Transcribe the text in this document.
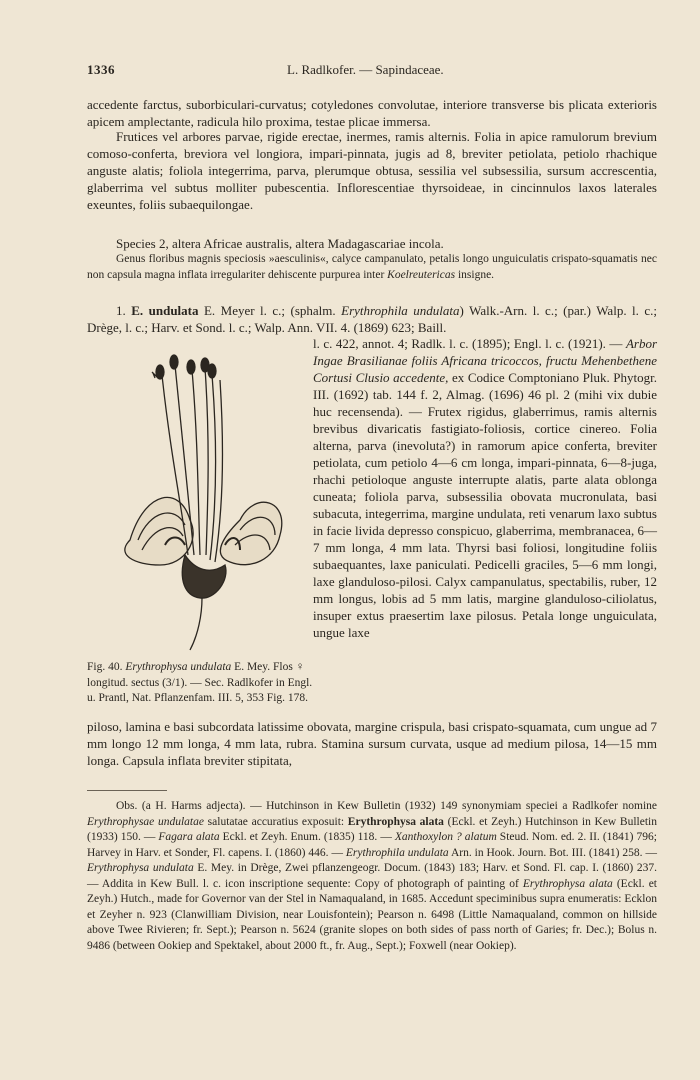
1336	L. Radlkofer. — Sapindaceae.

accedente farctus, suborbiculari-curvatus; cotyledones convolutae, interiore transverse bis plicata exterioris apicem amplectante, radicula hilo proxima, testae plicae immersa.

Frutices vel arbores parvae, rigide erectae, inermes, ramis alternis. Folia in apice ramulorum brevium comoso-conferta, breviora vel longiora, impari-pinnata, jugis ad 8, breviter petiolata, petiolo rhachique anguste alatis; foliola integerrima, parva, plerumque obtusa, sessilia vel subsessilia, sursum accrescentia, glaberrima vel subtus molliter pubescentia. Inflorescentiae thyrsoideae, in cincinnulos laxos laterales exeuntes, foliis subaequilongae.

Species 2, altera Africae australis, altera Madagascariae incola.

Genus floribus magnis speciosis »aesculinis«, calyce campanulato, petalis longo unguiculatis crispato-squamatis nec non capsula magna inflata irregulariter dehiscente purpurea inter Koelreutericas insigne.

1. E. undulata E. Meyer l. c.; (sphalm. Erythrophila undulata) Walk.-Arn. l. c.; (par.) Walp. l. c.; Drège, l. c.; Harv. et Sond. l. c.; Walp. Ann. VII. 4. (1869) 623; Baill.

l. c. 422, annot. 4; Radlk. l. c. (1895); Engl. l. c. (1921). — Arbor Ingae Brasilianae foliis Africana tricoccos, fructu Mehenbethene Cortusi Clusio accedente, ex Codice Comptoniano Pluk. Phytogr. III. (1692) tab. 144 f. 2, Almag. (1696) 46 pl. 2 (mihi vix dubie huc recensenda). — Frutex rigidus, glaberrimus, ramis alternis brevibus divaricatis fastigiato-foliosis, cortice cinereo. Folia alterna, parva (inevoluta?) in ramorum apice conferta, breviter petiolata, cum petiolo 4—6 cm longa, impari-pinnata, 6—8-juga, rhachi petioloque anguste interrupte alatis, parte alata oblonga cuneata; foliola parva, subsessilia obovata mucronulata, basi subacuta, integerrima, margine undulata, reti venarum laxo subtus in facie livida depresso conspicuo, glaberrima, membranacea, 6—7 mm longa, 4 mm lata. Thyrsi basi foliosi, longitudine foliis subaequantes, laxe paniculati. Pedicelli graciles, 5—6 mm longi, laxe glanduloso-pilosi. Calyx campanulatus, spectabilis, ruber, 12 mm longus, lobis ad 5 mm latis, margine glanduloso-ciliolatus, insuper extus praesertim laxe pilosus. Petala longe unguiculata, ungue laxe

Fig. 40. Erythrophysa undulata E. Mey. Flos ♀ longitud. sectus (3/1). — Sec. Radlkofer in Engl. u. Prantl, Nat. Pflanzenfam. III. 5, 353 Fig. 178.

piloso, lamina e basi subcordata latissime obovata, margine crispula, basi crispato-squamata, cum ungue ad 7 mm longo 12 mm longa, 4 mm lata, rubra. Stamina sursum curvata, usque ad medium pilosa, 14—15 mm longa. Capsula inflata breviter stipitata,

Obs. (a H. Harms adjecta). — Hutchinson in Kew Bulletin (1932) 149 synonymiam speciei a Radlkofer nomine Erythrophysae undulatae salutatae accuratius exposuit: Erythrophysa alata (Eckl. et Zeyh.) Hutchinson in Kew Bulletin (1933) 150. — Fagara alata Eckl. et Zeyh. Enum. (1835) 118. — Xanthoxylon ? alatum Steud. Nom. ed. 2. II. (1841) 796; Harvey in Harv. et Sonder, Fl. capens. I. (1860) 446. — Erythrophila undulata Arn. in Hook. Journ. Bot. III. (1841) 258. — Erythrophysa undulata E. Mey. in Drège, Zwei pflanzengeogr. Docum. (1843) 183; Harv. et Sond. Fl. cap. I. (1860) 237. — Addita in Kew Bull. l. c. icon inscriptione sequente: Copy of photograph of painting of Erythrophysa alata (Eckl. et Zeyh.) Hutch., made for Governor van der Stel in Namaqualand, in 1685. Accedunt speciminibus supra enumeratis: Ecklon et Zeyher n. 923 (Clanwilliam Division, near Louisfontein); Pearson n. 6498 (Little Namaqualand, common on hillside above Twee Rivieren; fr. Sept.); Pearson n. 5624 (granite slopes on both sides of pass north of Garies; fr. Dec.); Bolus n. 9486 (between Ookiep and Spektakel, about 2000 ft., fr. Aug., Sept.); Foxwell (near Ookiep).
